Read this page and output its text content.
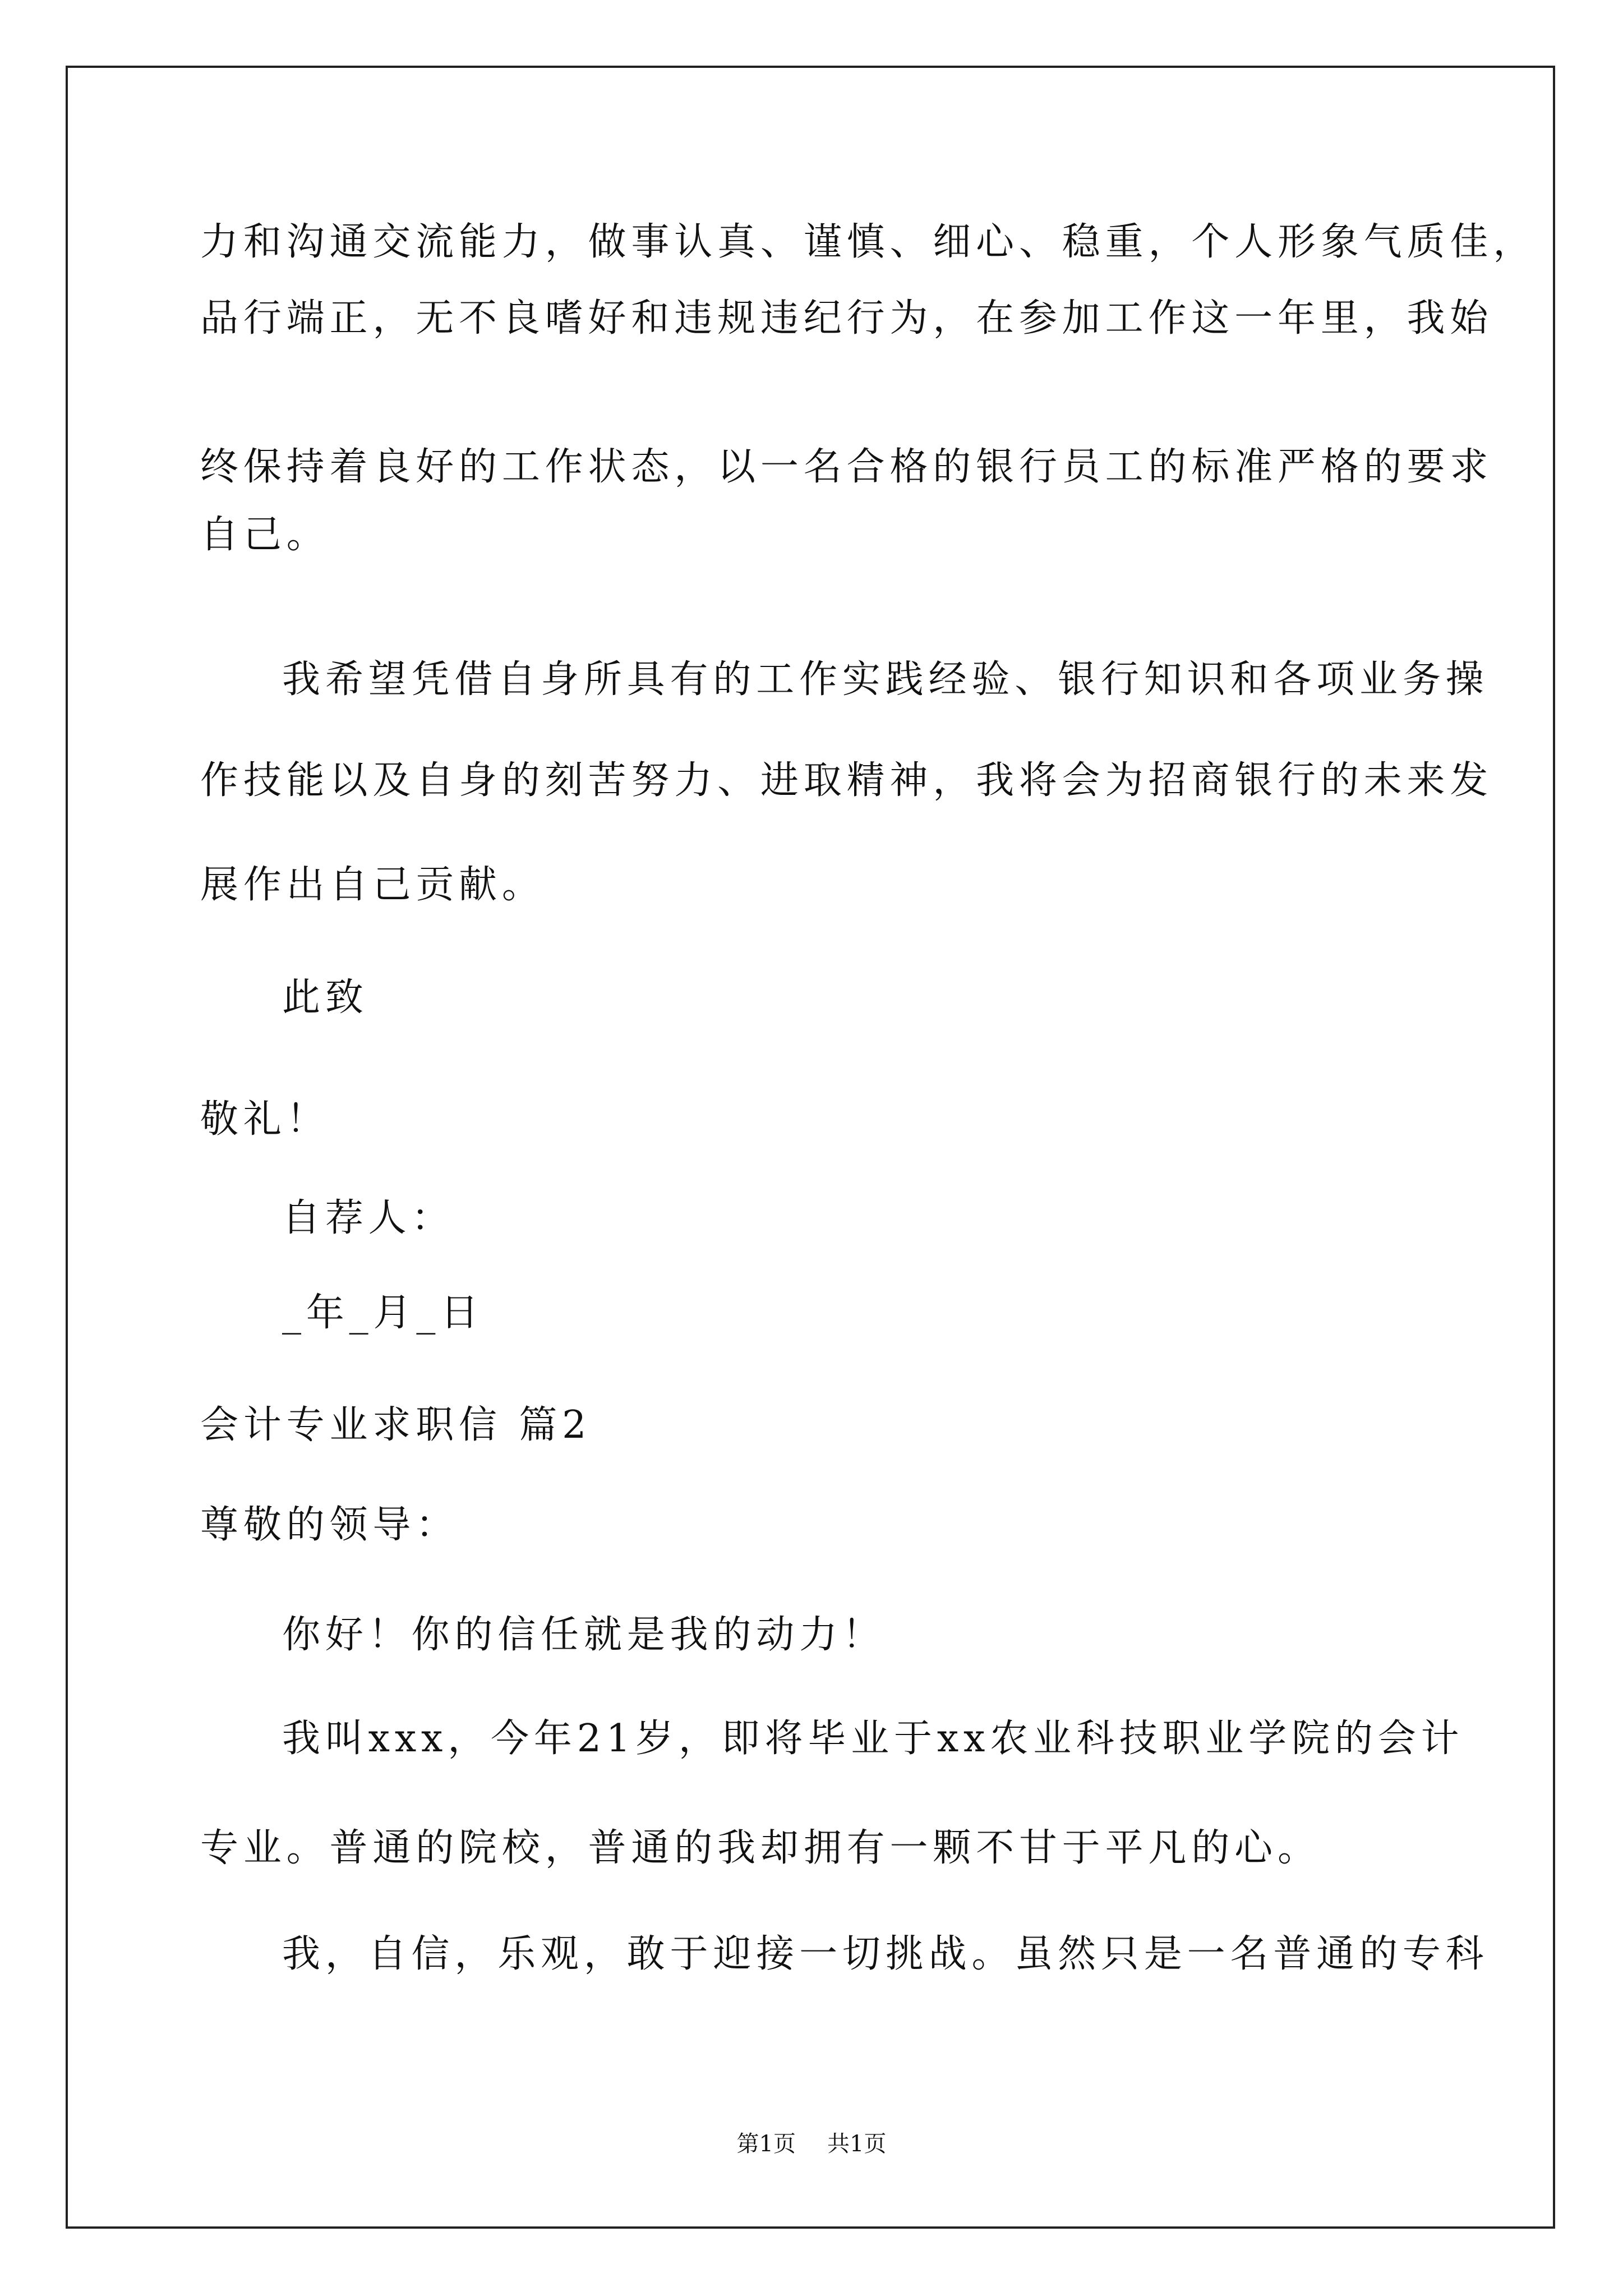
力和沟通交流能力，做事认真、谨慎、细心、稳重，个人形象气质佳，
品行端正，无不良嗜好和违规违纪行为，在参加工作这一年里，我始
终保持着良好的工作状态，以一名合格的银行员工的标准严格的要求
自己。
我希望凭借自身所具有的工作实践经验、银行知识和各项业务操
作技能以及自身的刻苦努力、进取精神，我将会为招商银行的未来发
展作出自己贡献。
此致
敬礼！
自荐人：
_年_月_日
会计专业求职信 篇2
尊敬的领导：
你好！你的信任就是我的动力！
我叫xxx，今年21岁，即将毕业于xx农业科技职业学院的会计
专业。普通的院校，普通的我却拥有一颗不甘于平凡的心。
我，自信，乐观，敢于迎接一切挑战。虽然只是一名普通的专科
第1页 共1页
